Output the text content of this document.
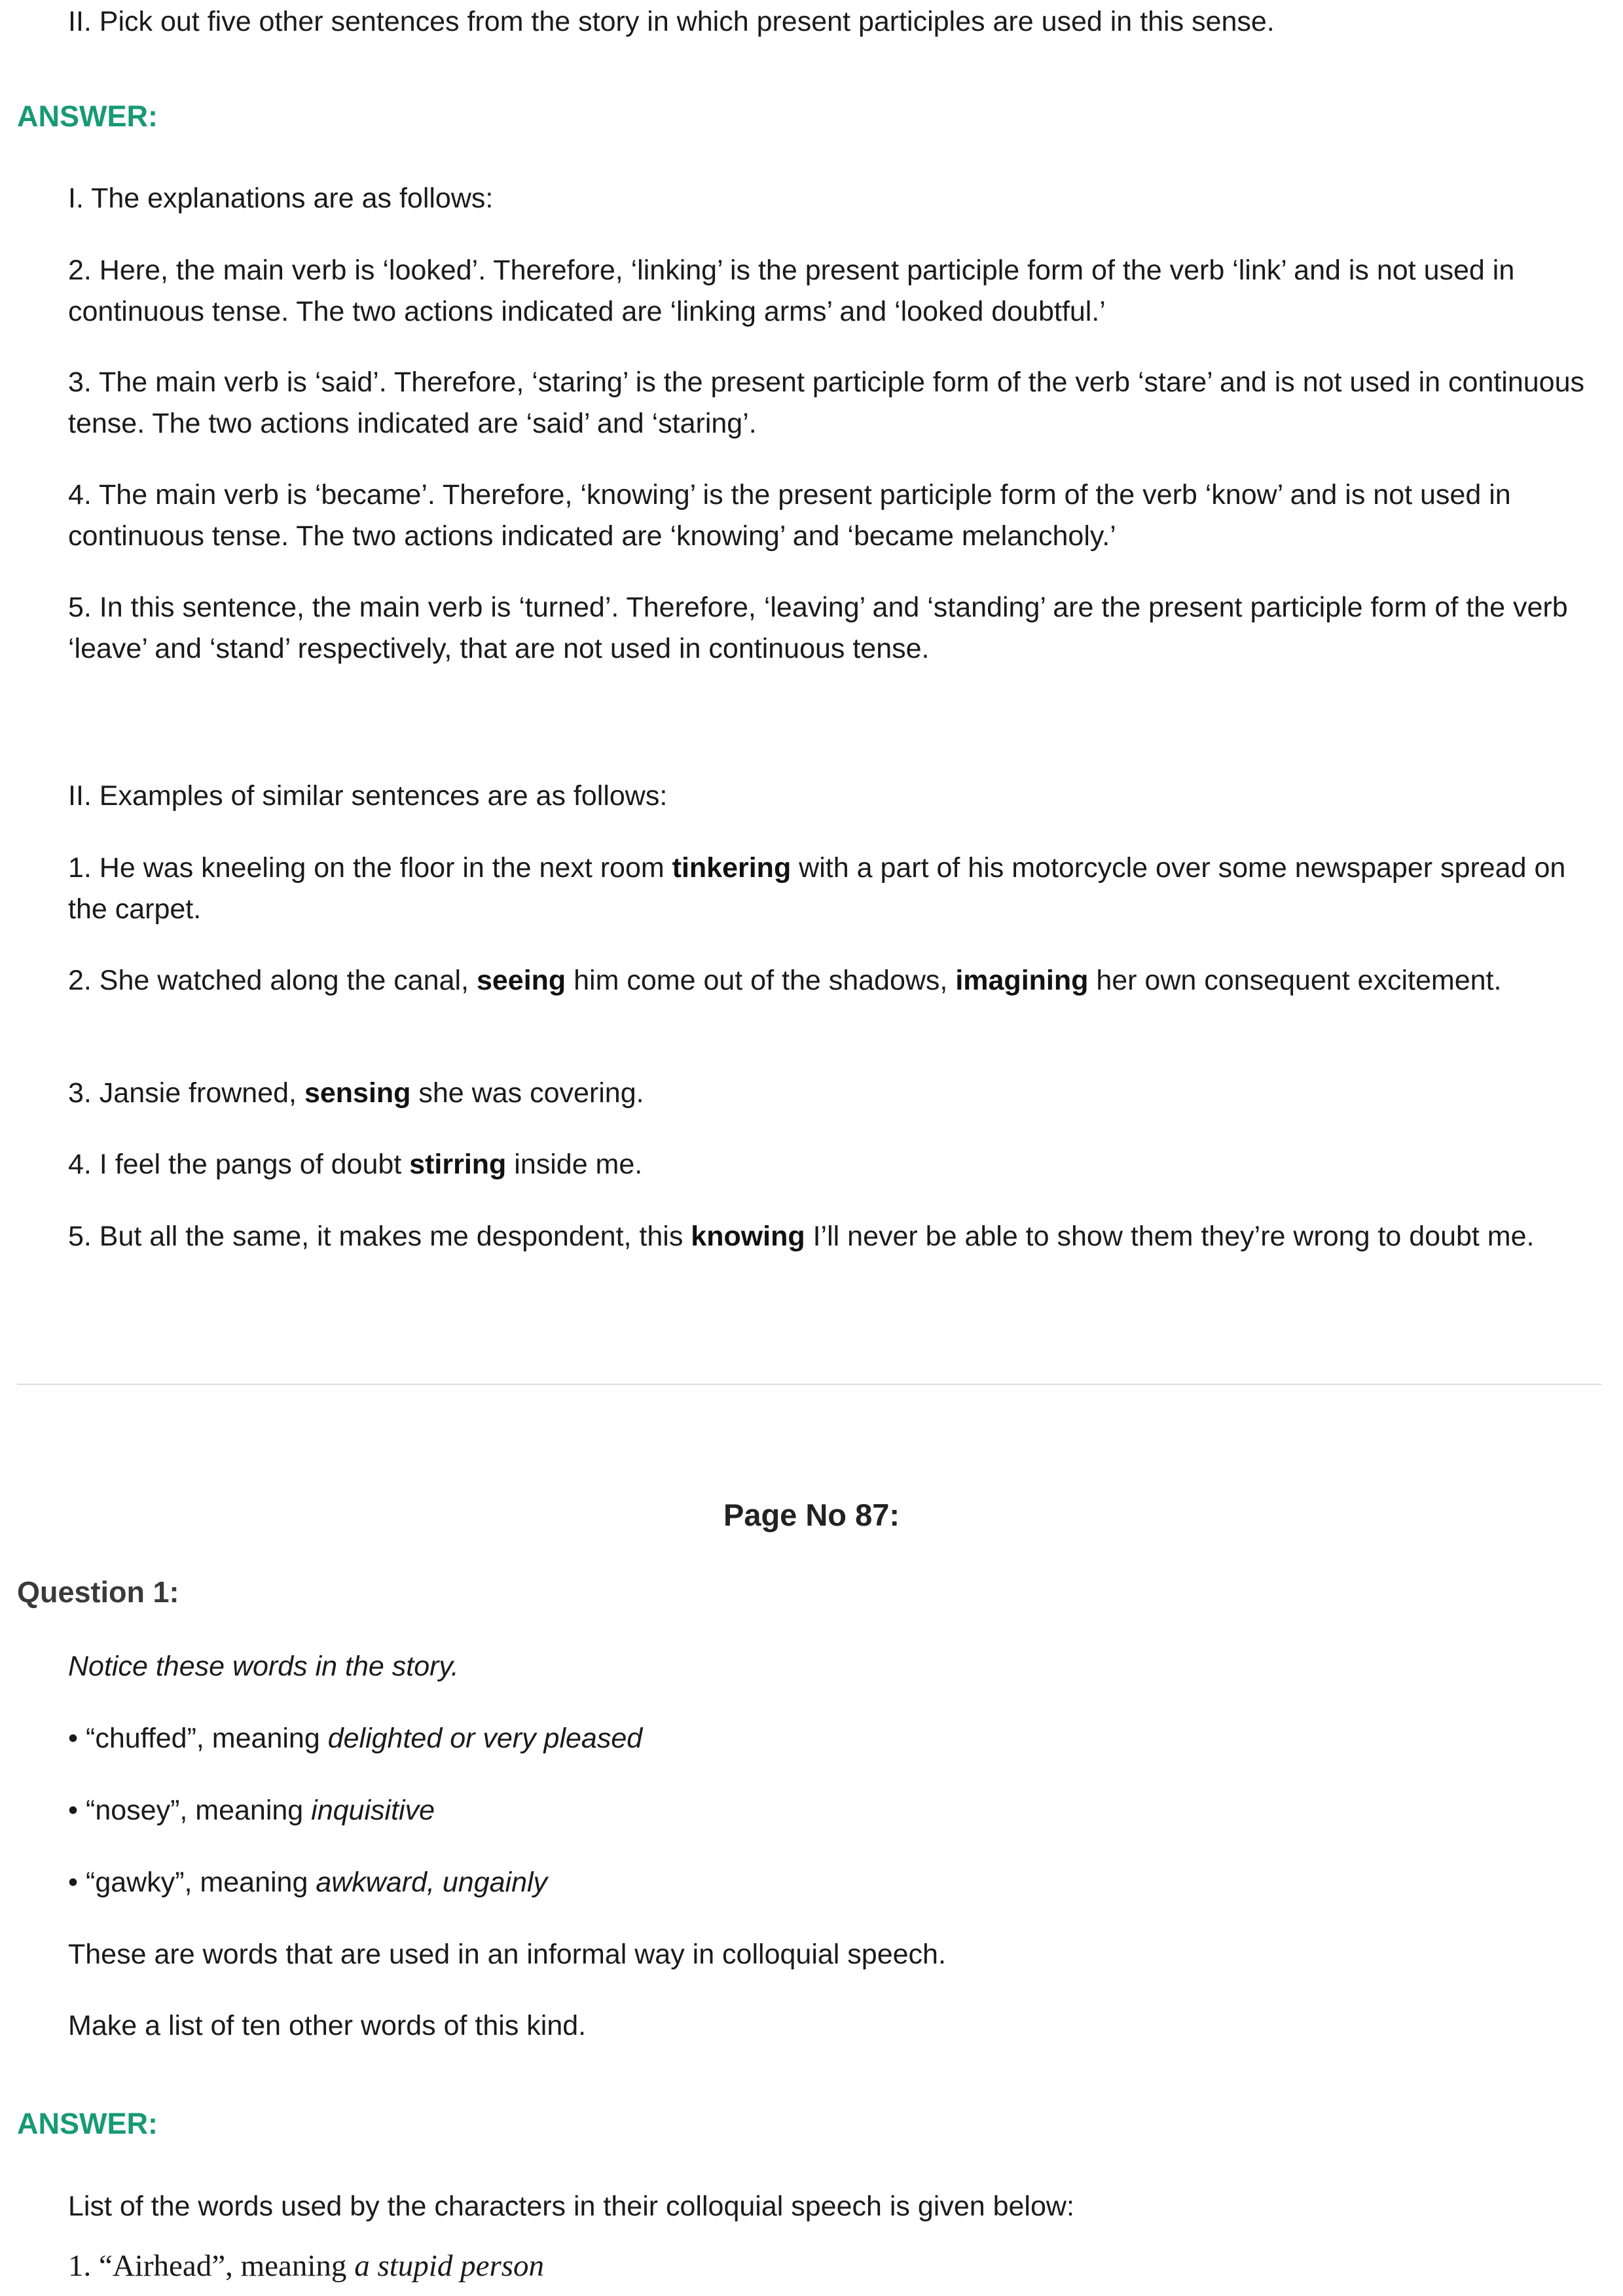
II. Pick out five other sentences from the story in which present participles are used in this sense.

ANSWER:

I. The explanations are as follows:

2. Here, the main verb is ‘looked’. Therefore, ‘linking’ is the present participle form of the verb ‘link’ and is not used in continuous tense. The two actions indicated are ‘linking arms’ and ‘looked doubtful.’

3. The main verb is ‘said’. Therefore, ‘staring’ is the present participle form of the verb ‘stare’ and is not used in continuous tense. The two actions indicated are ‘said’ and ‘staring’.

4. The main verb is ‘became’. Therefore, ‘knowing’ is the present participle form of the verb ‘know’ and is not used in continuous tense. The two actions indicated are ‘knowing’ and ‘became melancholy.’

5. In this sentence, the main verb is ‘turned’. Therefore, ‘leaving’ and ‘standing’ are the present participle form of the verb ‘leave’ and ‘stand’ respectively, that are not used in continuous tense.

II. Examples of similar sentences are as follows:

1. He was kneeling on the floor in the next room tinkering with a part of his motorcycle over some newspaper spread on the carpet.

2. She watched along the canal, seeing him come out of the shadows, imagining her own consequent excitement.

3. Jansie frowned, sensing she was covering.

4. I feel the pangs of doubt stirring inside me.

5. But all the same, it makes me despondent, this knowing I’ll never be able to show them they’re wrong to doubt me.

Page No 87:

Question 1:

Notice these words in the story.

• “chuffed”, meaning delighted or very pleased

• “nosey”, meaning inquisitive

• “gawky”, meaning awkward, ungainly

These are words that are used in an informal way in colloquial speech.

Make a list of ten other words of this kind.

ANSWER:

List of the words used by the characters in their colloquial speech is given below:

1. “Airhead”, meaning a stupid person
